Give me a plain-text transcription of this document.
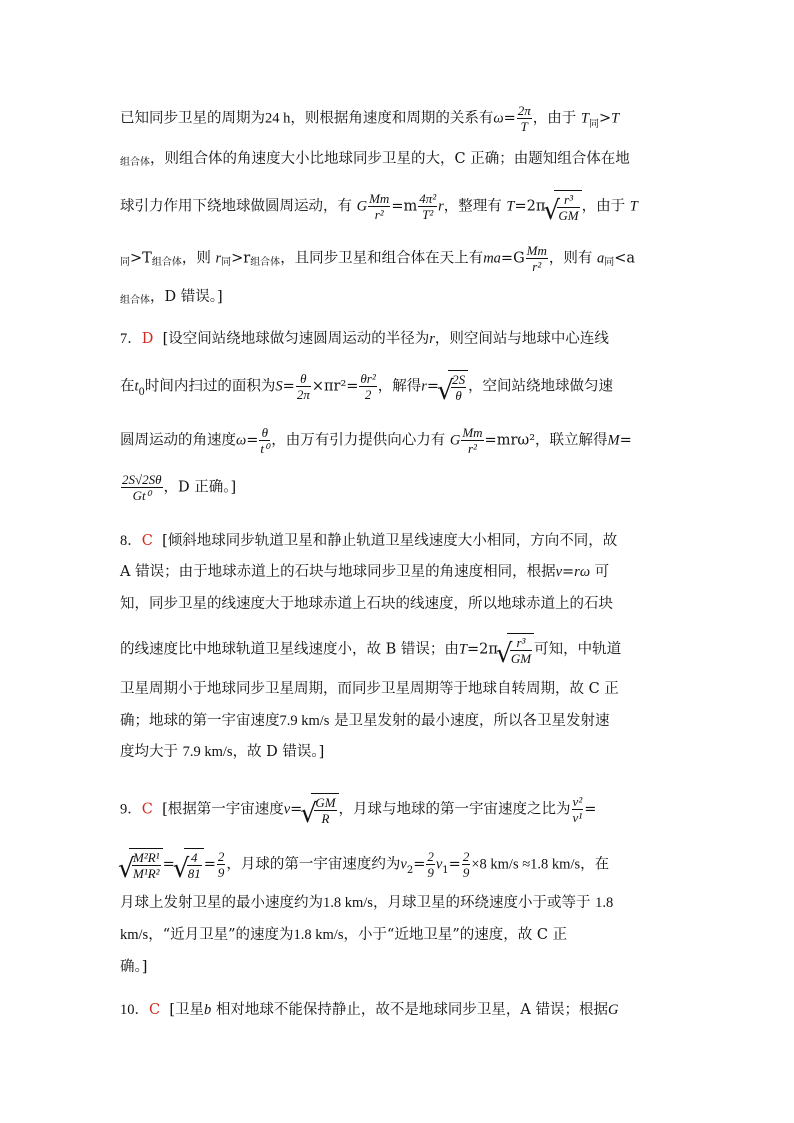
已知同步卫星的周期为24 h，则根据角速度和周期的关系有$\omega= \frac{2\pi}{T}$ ，由于 $T_同>T$
组合体，则组合体的角速度大小比地球同步卫星的大，C 正确；由题知组合体在地
球引力作用下绕地球做圆周运动，有 G $\frac{Mm}{\text{r²}} =m \frac{\text{4π²}}{\text{T²}}$ r，整理有 T=2π √ $\frac{\text{r³}}{GM}$ ，由于 T
同>T组合体，则 r同>r组合体，且同步卫星和组合体在天上有$ma=G \frac{Mm}{\text{r²}}$ ，则有 a同<a
组合体，D 错误。]
7．D [设空间站绕地球做匀速圆周运动的半径为r，则空间站与地球中心连线
在$t_0$时间内扫过的面积为$S= \frac{\theta}{2\pi} \times\pi r^2= \frac{\text{θr²}}{2}$ ，解得r= √ $\frac{2S}{\theta}$ ，空间站绕地球做匀速
圆周运动的角速度$\omega= \frac{\theta}{\text{t⁰}}$ ，由万有引力提供向心力有 G $\frac{Mm}{\text{r²}} =mr\omega^2$，联立解得M=
$\frac{2S√2S\theta}{\text{Gt⁰}}$ ，D 正确。]
8．C [倾斜地球同步轨道卫星和静止轨道卫星线速度大小相同，方向不同，故
A 错误；由于地球赤道上的石块与地球同步卫星的角速度相同，根据v=rω 可
知，同步卫星的线速度大于地球赤道上石块的线速度，所以地球赤道上的石块
的线速度比中地球轨道卫星线速度小，故 B 错误；由T=2π √ $\frac{\text{r³}}{GM}$ 可知，中轨道
卫星周期小于地球同步卫星周期，而同步卫星周期等于地球自转周期，故 C 正
确；地球的第一宇宙速度7.9 km/s 是卫星发射的最小速度，所以各卫星发射速
度均大于 7.9 km/s，故 D 错误。]
9．C [根据第一宇宙速度v= √ $\frac{GM}{R}$ ，月球与地球的第一宇宙速度之比为 $\frac{\text{v²}}{\text{v¹}}$ =
√ $\frac{\text{M²R¹}}{\text{M¹R²}}$ = √ $\frac{4}{81} = \frac{2}{9}$ ，月球的第一宇宙速度约为$v_2= \frac{2}{9} v_1= \frac{2}{9} \times 8$ km/s ≈1.8 km/s，在
月球上发射卫星的最小速度约为1.8 km/s，月球卫星的环绕速度小于或等于 1.8
km/s，“近月卫星”的速度为1.8 km/s，小于“近地卫星”的速度，故 C 正
确。]
10．C [卫星b 相对地球不能保持静止，故不是地球同步卫星，A 错误；根据G
